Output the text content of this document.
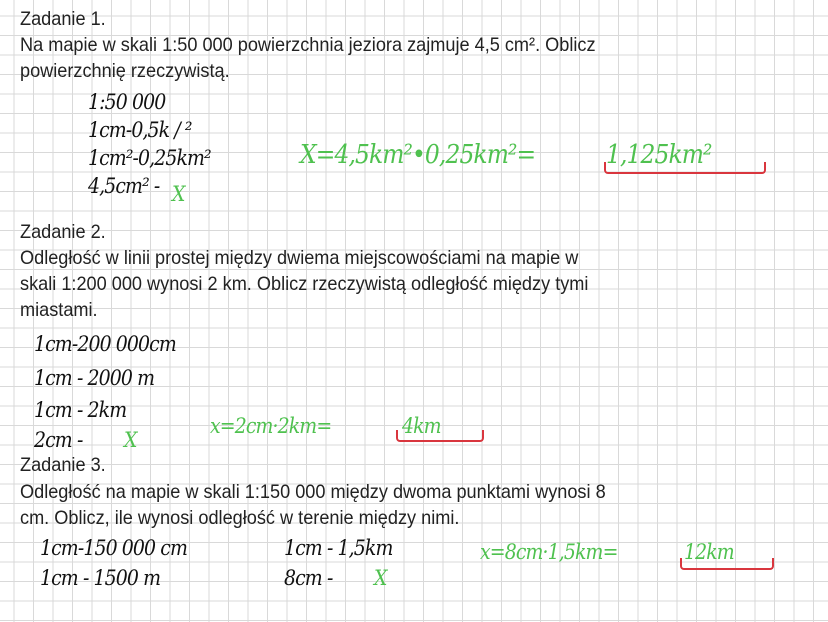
Zadanie 1.
Na mapie w skali 1:50 000 powierzchnia jeziora zajmuje 4,5 cm². Oblicz
powierzchnię rzeczywistą.
1:50 000
1cm-0,5k / ²
1cm²-0,25km²
4,5cm² - X
X=4,5km²•0,25km²=	1,125km²
Zadanie 2.
Odległość w linii prostej między dwiema miejscowościami na mapie w
skali 1:200 000 wynosi 2 km. Oblicz rzeczywistą odległość między tymi
miastami.
1cm-200 000cm
1cm - 2000 m
1cm - 2km
2cm - X
x=2cm·2km=	4km
Zadanie 3.
Odległość na mapie w skali 1:150 000 między dwoma punktami wynosi 8
cm. Oblicz, ile wynosi odległość w terenie między nimi.
1cm-150 000 cm
1cm - 1500 m
1cm - 1,5km
8cm - X
x=8cm·1,5km=	12km
